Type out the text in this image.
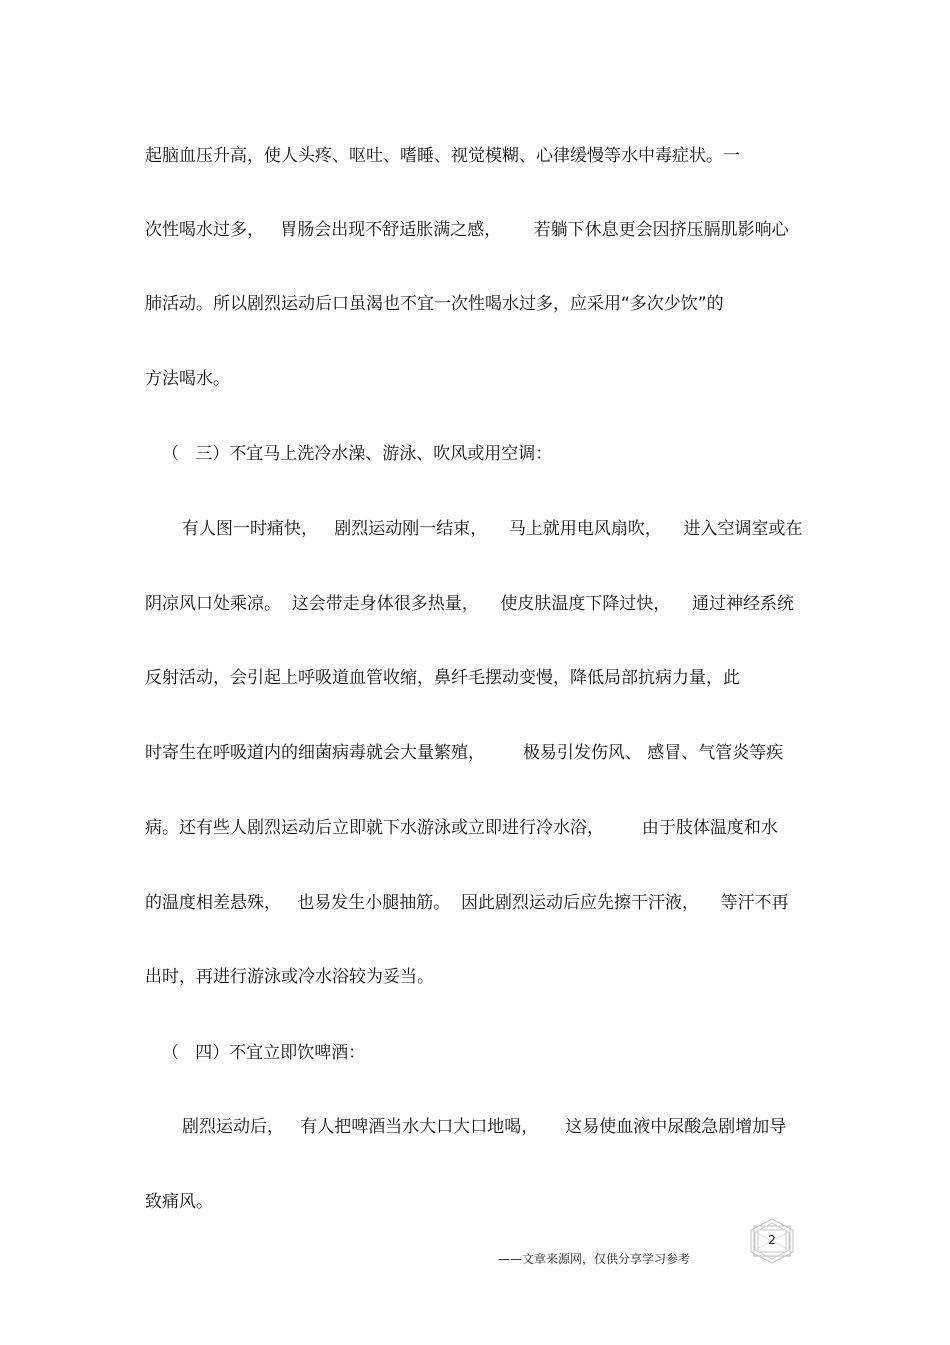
起脑血压升高，使人头疼、呕吐、嗜睡、视觉模糊、心律缓慢等水中毒症状。一
次性喝水过多，   胃肠会出现不舒适胀满之感，      若躺下休息更会因挤压膈肌影响心
肺活动。所以剧烈运动后口虽渴也不宜一次性喝水过多，应采用“多次少饮”的
方法喝水。
（   三）不宜马上洗冷水澡、游泳、吹风或用空调：
有人图一时痛快，   剧烈运动刚一结束，    马上就用电风扇吹，    进入空调室或在
阴凉风口处乘凉。  这会带走身体很多热量，    使皮肤温度下降过快，    通过神经系统
反射活动，会引起上呼吸道血管收缩，鼻纤毛摆动变慢，降低局部抗病力量，此
时寄生在呼吸道内的细菌病毒就会大量繁殖，       极易引发伤风、 感冒、气管炎等疾
病。还有些人剧烈运动后立即就下水游泳或立即进行冷水浴，       由于肢体温度和水
的温度相差悬殊，   也易发生小腿抽筋。  因此剧烈运动后应先擦干汗液，    等汗不再
出时，再进行游泳或冷水浴较为妥当。
（   四）不宜立即饮啤酒：
剧烈运动后，   有人把啤酒当水大口大口地喝，     这易使血液中尿酸急剧增加导
致痛风。
2
——文章来源网，仅供分享学习参考
